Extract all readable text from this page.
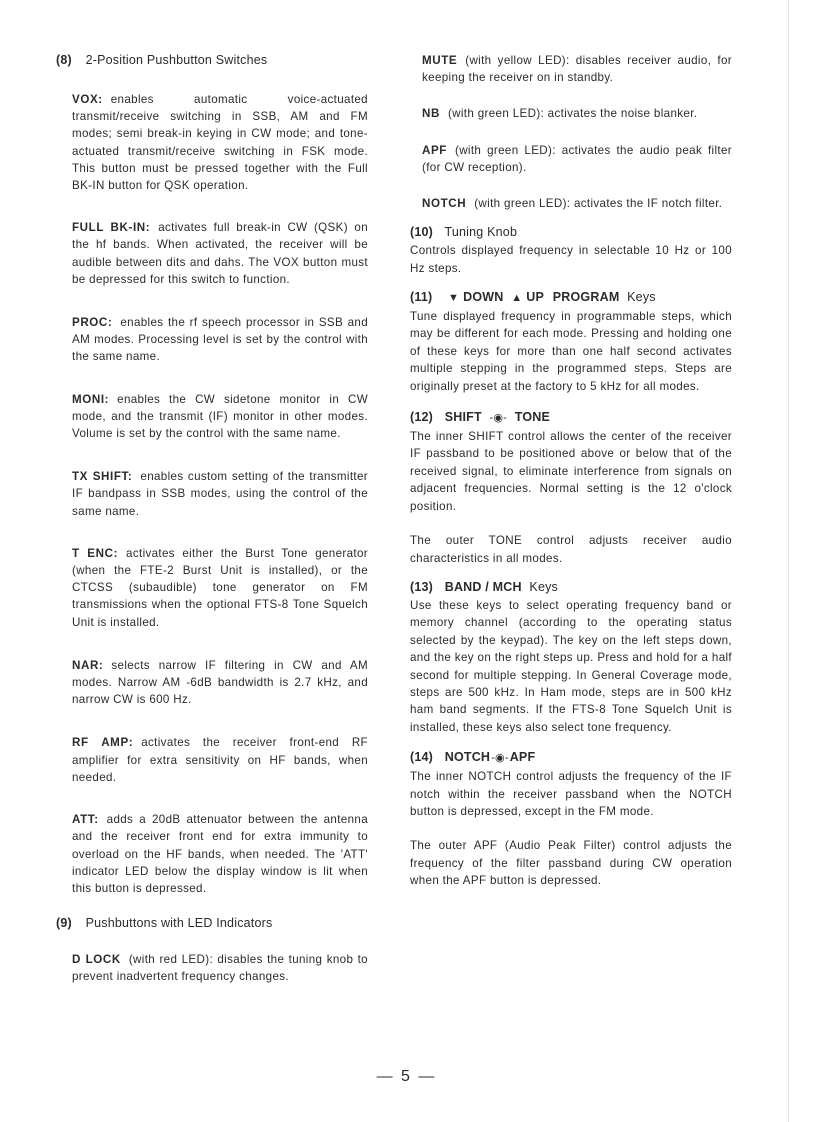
(8) 2-Position Pushbutton Switches
VOX: enables automatic voice-actuated transmit/receive switching in SSB, AM and FM modes; semi break-in keying in CW mode; and tone-actuated transmit/receive switching in FSK mode. This button must be pressed together with the Full BK-IN button for QSK operation.
FULL BK-IN: activates full break-in CW (QSK) on the hf bands. When activated, the receiver will be audible between dits and dahs. The VOX button must be depressed for this switch to function.
PROC: enables the rf speech processor in SSB and AM modes. Processing level is set by the control with the same name.
MONI: enables the CW sidetone monitor in CW mode, and the transmit (IF) monitor in other modes. Volume is set by the control with the same name.
TX SHIFT: enables custom setting of the transmitter IF bandpass in SSB modes, using the control of the same name.
T ENC: activates either the Burst Tone generator (when the FTE-2 Burst Unit is installed), or the CTCSS (subaudible) tone generator on FM transmissions when the optional FTS-8 Tone Squelch Unit is installed.
NAR: selects narrow IF filtering in CW and AM modes. Narrow AM -6dB bandwidth is 2.7 kHz, and narrow CW is 600 Hz.
RF AMP: activates the receiver front-end RF amplifier for extra sensitivity on HF bands, when needed.
ATT: adds a 20dB attenuator between the antenna and the receiver front end for extra immunity to overload on the HF bands, when needed. The 'ATT' indicator LED below the display window is lit when this button is depressed.
(9) Pushbuttons with LED Indicators
D LOCK (with red LED): disables the tuning knob to prevent inadvertent frequency changes.
MUTE (with yellow LED): disables receiver audio, for keeping the receiver on in standby.
NB (with green LED): activates the noise blanker.
APF (with green LED): activates the audio peak filter (for CW reception).
NOTCH (with green LED): activates the IF notch filter.
(10) Tuning Knob
Controls displayed frequency in selectable 10 Hz or 100 Hz steps.
(11) ▼ DOWN ▲ UP PROGRAM Keys
Tune displayed frequency in programmable steps, which may be different for each mode. Pressing and holding one of these keys for more than one half second activates multiple stepping in the programmed steps. Steps are originally preset at the factory to 5 kHz for all modes.
(12) SHIFT -◉- TONE
The inner SHIFT control allows the center of the receiver IF passband to be positioned above or below that of the received signal, to eliminate interference from signals on adjacent frequencies. Normal setting is the 12 o'clock position.
The outer TONE control adjusts receiver audio characteristics in all modes.
(13) BAND / MCH Keys
Use these keys to select operating frequency band or memory channel (according to the operating status selected by the keypad). The key on the left steps down, and the key on the right steps up. Press and hold for a half second for multiple stepping. In General Coverage mode, steps are 500 kHz. In Ham mode, steps are in 500 kHz ham band segments. If the FTS-8 Tone Squelch Unit is installed, these keys also select tone frequency.
(14) NOTCH-◉-APF
The inner NOTCH control adjusts the frequency of the IF notch within the receiver passband when the NOTCH button is depressed, except in the FM mode.
The outer APF (Audio Peak Filter) control adjusts the frequency of the filter passband during CW operation when the APF button is depressed.
— 5 —
